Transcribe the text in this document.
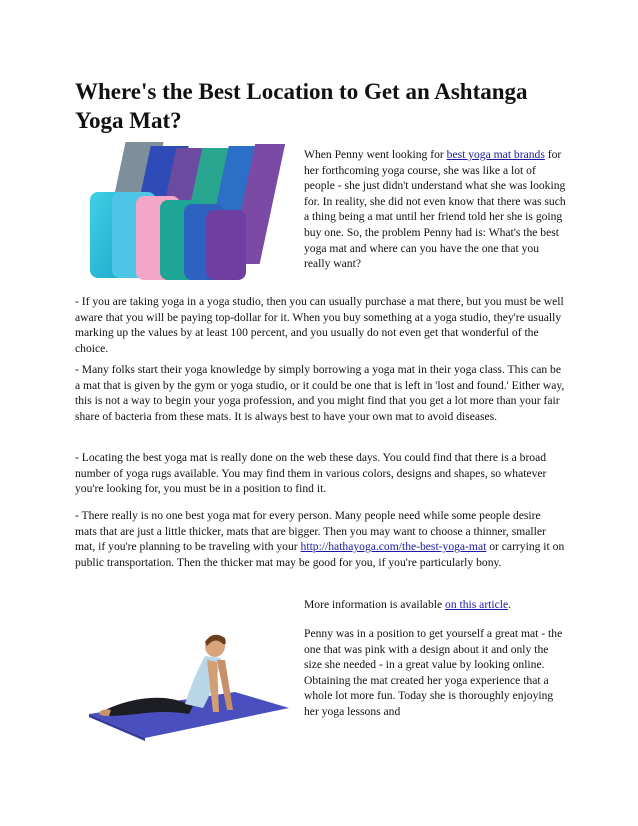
Where's the Best Location to Get an Ashtanga Yoga Mat?

When Penny went looking for best yoga mat brands for her forthcoming yoga course, she was like a lot of people - she just didn't understand what she was looking for. In reality, she did not even know that there was such a thing being a mat until her friend told her she is going buy one. So, the problem Penny had is: What's the best yoga mat and where can you have the one that you really want?

- If you are taking yoga in a yoga studio, then you can usually purchase a mat there, but you must be well aware that you will be paying top-dollar for it. When you buy something at a yoga studio, they're usually marking up the values by at least 100 percent, and you usually do not even get that wonderful of the choice.

- Many folks start their yoga knowledge by simply borrowing a yoga mat in their yoga class. This can be a mat that is given by the gym or yoga studio, or it could be one that is left in 'lost and found.' Either way, this is not a way to begin your yoga profession, and you might find that you get a lot more than your fair share of bacteria from these mats. It is always best to have your own mat to avoid diseases.

- Locating the best yoga mat is really done on the web these days. You could find that there is a broad number of yoga rugs available. You may find them in various colors, designs and shapes, so whatever you're looking for, you must be in a position to find it.

- There really is no one best yoga mat for every person. Many people need while some people desire mats that are just a little thicker, mats that are bigger. Then you may want to choose a thinner, smaller mat, if you're planning to be traveling with your http://hathayoga.com/the-best-yoga-mat or carrying it on public transportation. Then the thicker mat may be good for you, if you're particularly bony.

More information is available on this article.

Penny was in a position to get yourself a great mat - the one that was pink with a design about it and only the size she needed - in a great value by looking online. Obtaining the mat created her yoga experience that a whole lot more fun. Today she is thoroughly enjoying her yoga lessons and
